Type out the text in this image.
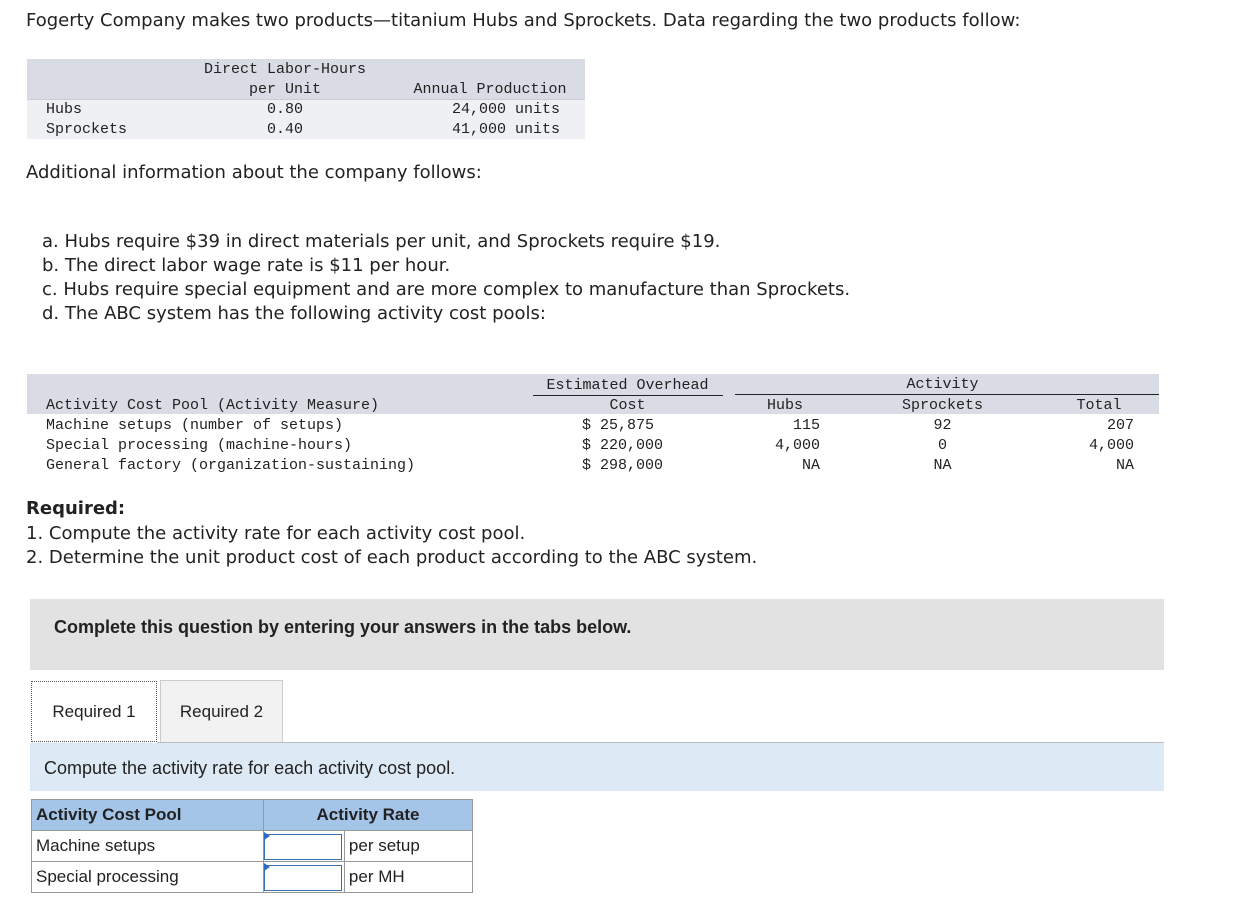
Fogerty Company makes two products—titanium Hubs and Sprockets. Data regarding the two products follow:
Direct Labor-Hours
per Unit	Annual Production
Hubs	0.80	24,000 units
Sprockets	0.40	41,000 units
Additional information about the company follows:
a. Hubs require $39 in direct materials per unit, and Sprockets require $19.
b. The direct labor wage rate is $11 per hour.
c. Hubs require special equipment and are more complex to manufacture than Sprockets.
d. The ABC system has the following activity cost pools:
Estimated Overhead
Cost
Activity
Activity Cost Pool (Activity Measure)	Hubs	Sprockets	Total
Machine setups (number of setups)	$ 25,875	115	92	207
Special processing (machine-hours)	$ 220,000	4,000	0	4,000
General factory (organization-sustaining)	$ 298,000	NA	NA	NA
Required:
1. Compute the activity rate for each activity cost pool.
2. Determine the unit product cost of each product according to the ABC system.
Complete this question by entering your answers in the tabs below.
Required 1	Required 2
Compute the activity rate for each activity cost pool.
Activity Cost Pool	Activity Rate	
Machine setups		per setup
Special processing		per MH
